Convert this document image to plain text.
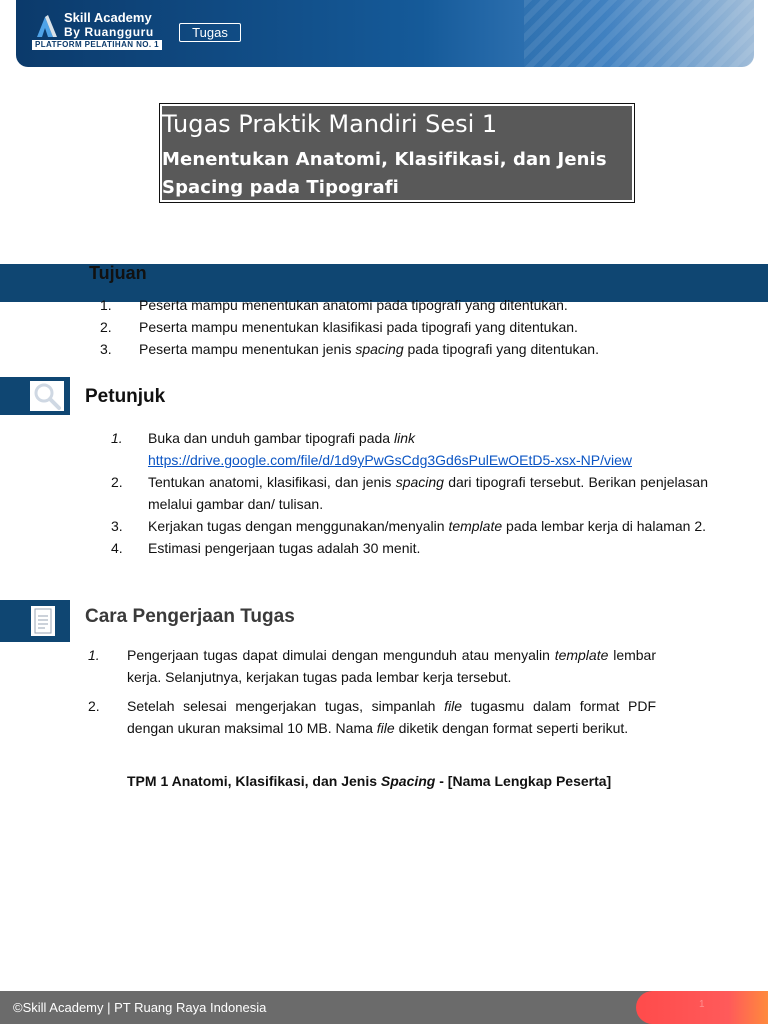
Skill Academy
By Ruangguru
PLATFORM PELATIHAN NO. 1
Tugas
Tugas Praktik Mandiri Sesi 1
Menentukan Anatomi, Klasifikasi, dan Jenis Spacing pada Tipografi
Tujuan
1. Peserta mampu menentukan anatomi pada tipografi yang ditentukan.
2. Peserta mampu menentukan klasifikasi pada tipografi yang ditentukan.
3. Peserta mampu menentukan jenis spacing pada tipografi yang ditentukan.
Petunjuk
1. Buka dan unduh gambar tipografi pada link
https://drive.google.com/file/d/1d9yPwGsCdg3Gd6sPulEwOEtD5-xsx-NP/view
2. Tentukan anatomi, klasifikasi, dan jenis spacing dari tipografi tersebut. Berikan penjelasan melalui gambar dan/ tulisan.
3. Kerjakan tugas dengan menggunakan/menyalin template pada lembar kerja di halaman 2.
4. Estimasi pengerjaan tugas adalah 30 menit.
Cara Pengerjaan Tugas
1. Pengerjaan tugas dapat dimulai dengan mengunduh atau menyalin template lembar kerja. Selanjutnya, kerjakan tugas pada lembar kerja tersebut.
2. Setelah selesai mengerjakan tugas, simpanlah file tugasmu dalam format PDF dengan ukuran maksimal 10 MB. Nama file diketik dengan format seperti berikut.
TPM 1 Anatomi, Klasifikasi, dan Jenis Spacing - [Nama Lengkap Peserta]
©Skill Academy | PT Ruang Raya Indonesia	1
